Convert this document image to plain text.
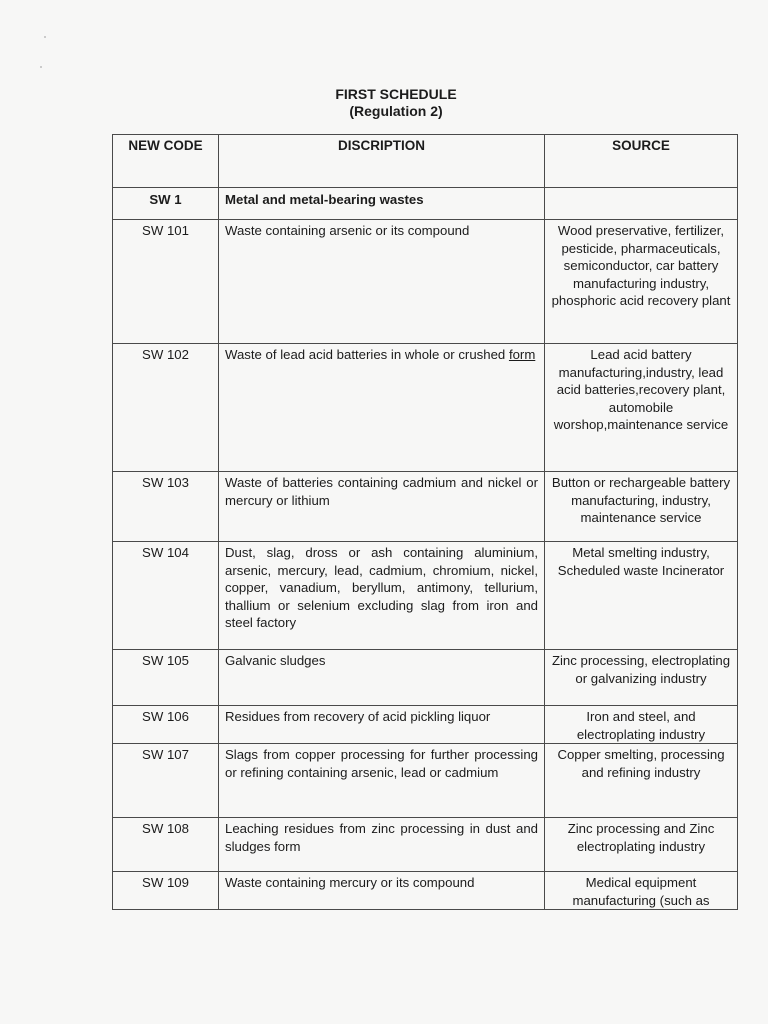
FIRST SCHEDULE
(Regulation 2)
NEW CODE	DISCRIPTION	SOURCE
SW 1	Metal and metal-bearing wastes	
SW 101	Waste containing arsenic or its compound	Wood preservative, fertilizer, pesticide, pharmaceuticals, semiconductor, car battery manufacturing industry, phosphoric acid recovery plant
SW 102	Waste of lead acid batteries in whole or crushed form	Lead acid battery manufacturing,industry, lead acid batteries,recovery plant, automobile worshop,maintenance service
SW 103	Waste of batteries containing cadmium and nickel or mercury or lithium	Button or rechargeable battery manufacturing, industry, maintenance service
SW 104	Dust, slag, dross or ash containing aluminium, arsenic, mercury, lead, cadmium, chromium, nickel, copper, vanadium, beryllum, antimony, tellurium, thallium or selenium excluding slag from iron and steel factory	Metal smelting industry, Scheduled waste Incinerator
SW 105	Galvanic sludges	Zinc processing, electroplating or galvanizing industry
SW 106	Residues from recovery of acid pickling liquor	Iron and steel, and electroplating industry
SW 107	Slags from copper processing for further processing or refining containing arsenic, lead or cadmium	Copper smelting, processing and refining industry
SW 108	Leaching residues from zinc processing in dust and sludges form	Zinc processing and Zinc electroplating industry
SW 109	Waste containing mercury or its compound	Medical equipment manufacturing (such as
